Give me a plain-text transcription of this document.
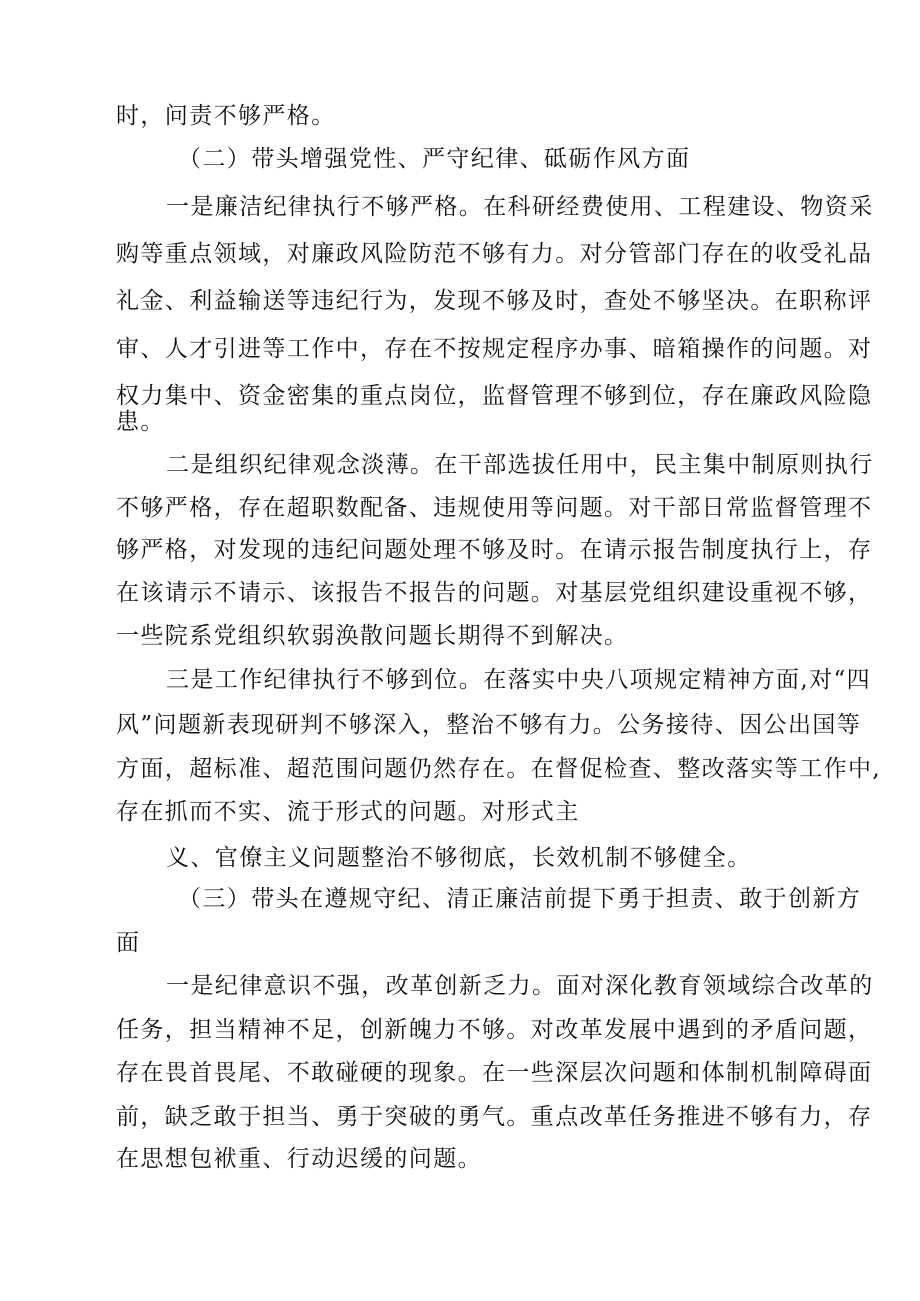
时，问责不够严格。
（二）带头增强党性、严守纪律、砥砺作风方面
一是廉洁纪律执行不够严格。在科研经费使用、工程建设、物资采
购等重点领域，对廉政风险防范不够有力。对分管部门存在的收受礼品
礼金、利益输送等违纪行为，发现不够及时，查处不够坚决。在职称评
审、人才引进等工作中，存在不按规定程序办事、暗箱操作的问题。对
权力集中、资金密集的重点岗位，监督管理不够到位，存在廉政风险隐
患。
二是组织纪律观念淡薄。在干部选拔任用中，民主集中制原则执行
不够严格，存在超职数配备、违规使用等问题。对干部日常监督管理不
够严格，对发现的违纪问题处理不够及时。在请示报告制度执行上，存
在该请示不请示、该报告不报告的问题。对基层党组织建设重视不够，
一些院系党组织软弱涣散问题长期得不到解决。
三是工作纪律执行不够到位。在落实中央八项规定精神方面,对“四
风”问题新表现研判不够深入，整治不够有力。公务接待、因公出国等
方面，超标准、超范围问题仍然存在。在督促检查、整改落实等工作中,
存在抓而不实、流于形式的问题。对形式主
义、官僚主义问题整治不够彻底，长效机制不够健全。
（三）带头在遵规守纪、清正廉洁前提下勇于担责、敢于创新方
面
一是纪律意识不强，改革创新乏力。面对深化教育领域综合改革的
任务，担当精神不足，创新魄力不够。对改革发展中遇到的矛盾问题，
存在畏首畏尾、不敢碰硬的现象。在一些深层次问题和体制机制障碍面
前，缺乏敢于担当、勇于突破的勇气。重点改革任务推进不够有力，存
在思想包袱重、行动迟缓的问题。
